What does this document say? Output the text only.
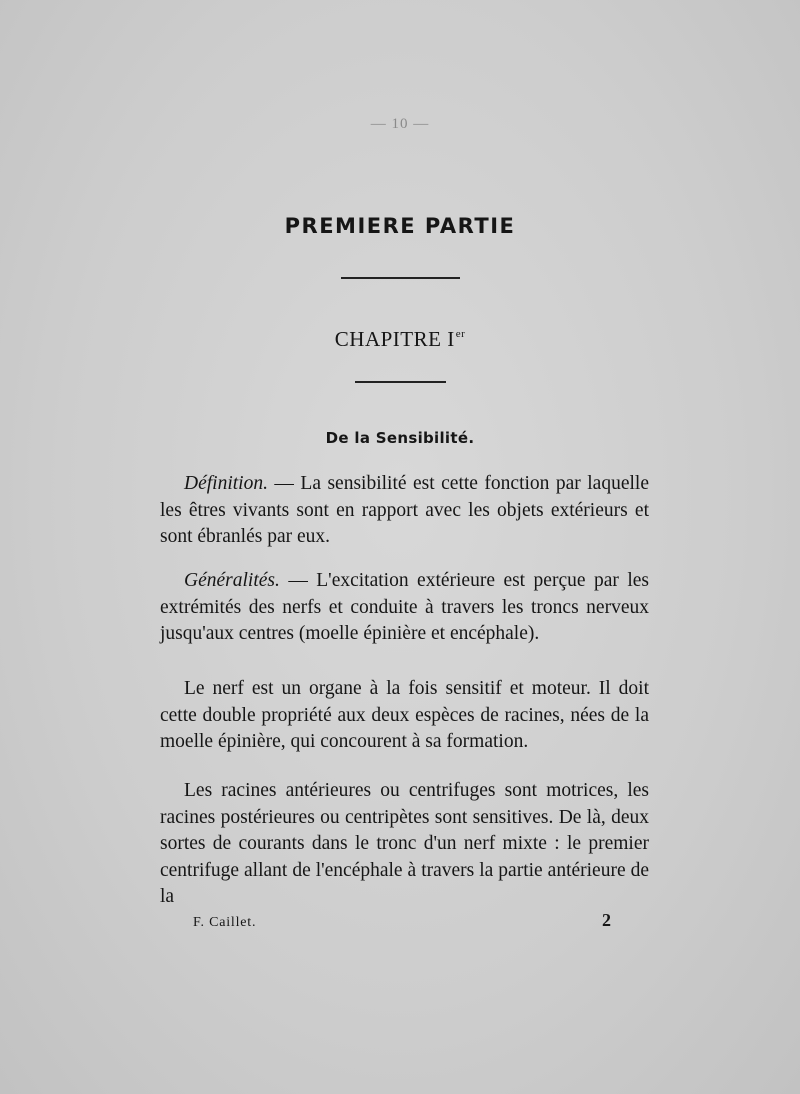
— 10 —
PREMIERE PARTIE
CHAPITRE Ier
De la Sensibilité.

Définition. — La sensibilité est cette fonction par laquelle les êtres vivants sont en rapport avec les objets extérieurs et sont ébranlés par eux.

Généralités. — L'excitation extérieure est perçue par les extrémités des nerfs et conduite à travers les troncs nerveux jusqu'aux centres (moelle épinière et encéphale).

Le nerf est un organe à la fois sensitif et moteur. Il doit cette double propriété aux deux espèces de racines, nées de la moelle épinière, qui concourent à sa formation.

Les racines antérieures ou centrifuges sont motrices, les racines postérieures ou centripètes sont sensitives. De là, deux sortes de courants dans le tronc d'un nerf mixte : le premier centrifuge allant de l'encéphale à travers la partie antérieure de la

F. Caillet.	2
